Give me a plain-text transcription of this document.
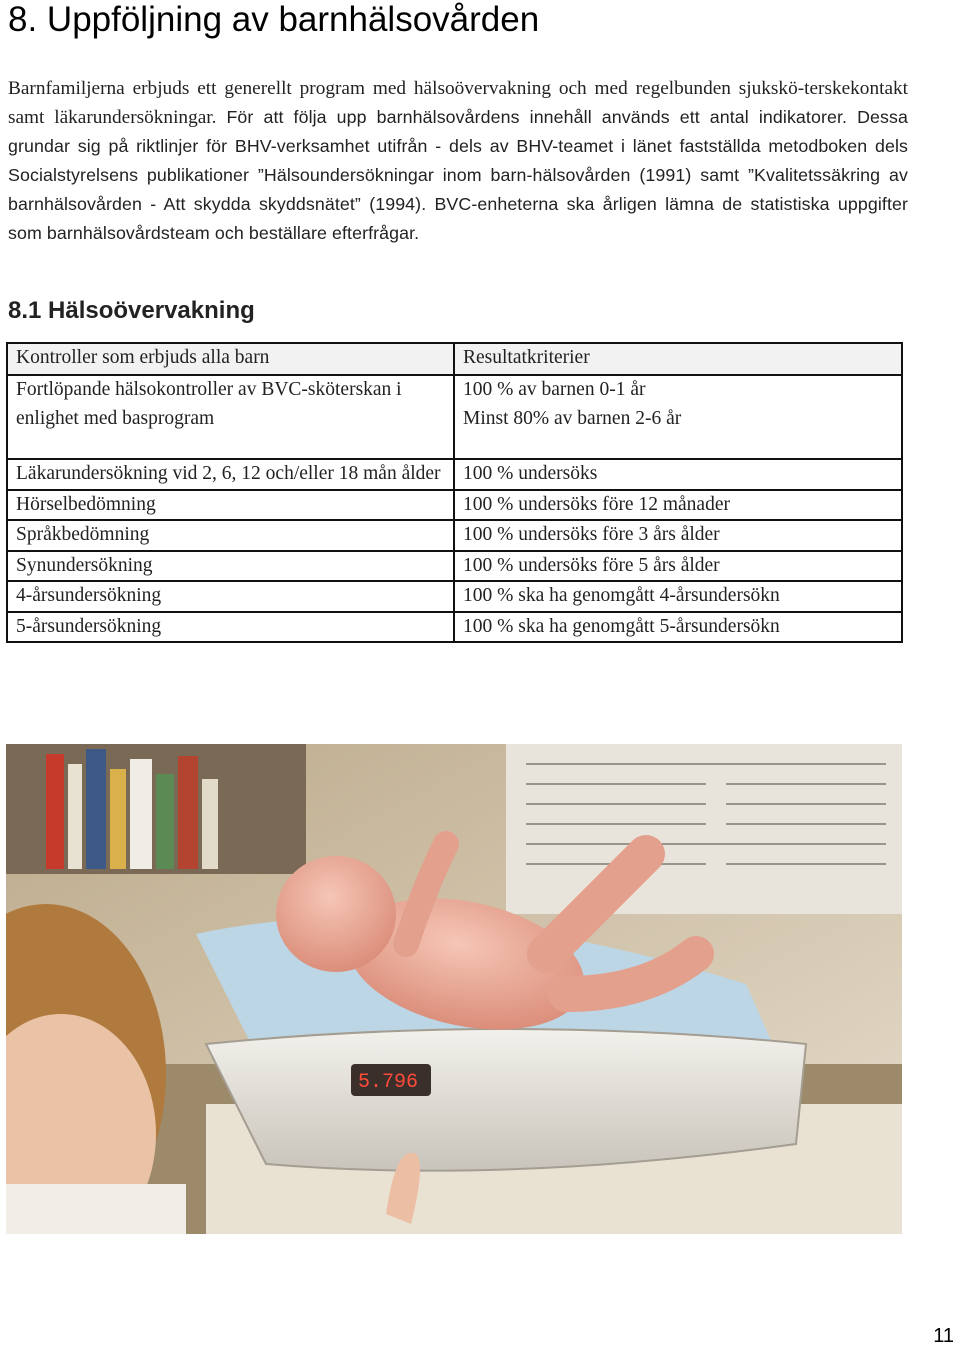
8. Uppföljning av barnhälsovården

Barnfamiljerna erbjuds ett generellt program med hälsoövervakning och med regelbunden sjukskö-terskekontakt samt läkarundersökningar. För att följa upp barnhälsovårdens innehåll används ett antal indikatorer. Dessa grundar sig på riktlinjer för BHV-verksamhet utifrån - dels av BHV-teamet i länet fastställda metodboken dels Socialstyrelsens publikationer ”Hälsoundersökningar inom barn-hälsovården (1991) samt ”Kvalitetssäkring av barnhälsovården - Att skydda skyddsnätet” (1994). BVC-enheterna ska årligen lämna de statistiska uppgifter som barnhälsovårdsteam och beställare efterfrågar.

8.1 Hälsoövervakning
Kontroller som erbjuds alla barn	Resultatkriterier
Fortlöpande hälsokontroller av BVC-sköterskan i enlighet med basprogram	100 % av barnen 0-1 år
Minst 80% av barnen 2-6 år

Läkarundersökning vid 2, 6, 12 och/eller 18 mån ålder	100 % undersöks
Hörselbedömning	100 % undersöks före 12 månader
Språkbedömning	100 % undersöks före 3 års ålder
Synundersökning	100 % undersöks före 5 års ålder
4-årsundersökning	100 % ska ha genomgått 4-årsundersökn
5-årsundersökning	100 % ska ha genomgått 5-årsundersökn
5.796
11
